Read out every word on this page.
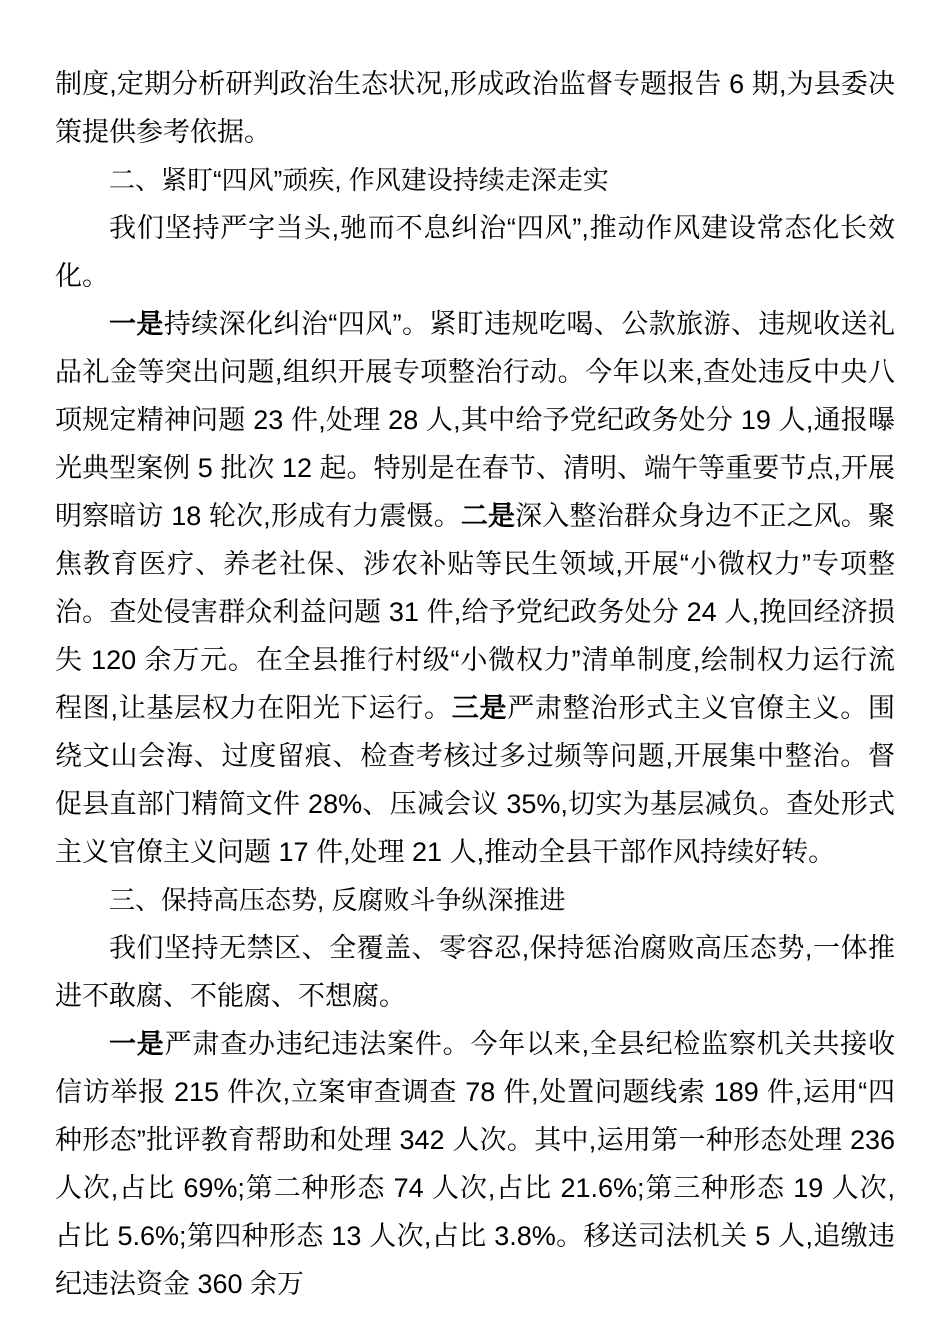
制度,定期分析研判政治生态状况,形成政治监督专题报告 6 期,为县委决策提供参考依据。

二、紧盯“四风”顽疾, 作风建设持续走深走实

我们坚持严字当头,驰而不息纠治“四风”,推动作风建设常态化长效化。

一是持续深化纠治“四风”。紧盯违规吃喝、公款旅游、违规收送礼品礼金等突出问题,组织开展专项整治行动。今年以来,查处违反中央八项规定精神问题 23 件,处理 28 人,其中给予党纪政务处分 19 人,通报曝光典型案例 5 批次 12 起。特别是在春节、清明、端午等重要节点,开展明察暗访 18 轮次,形成有力震慑。二是深入整治群众身边不正之风。聚焦教育医疗、养老社保、涉农补贴等民生领域,开展“小微权力”专项整治。查处侵害群众利益问题 31 件,给予党纪政务处分 24 人,挽回经济损失 120 余万元。在全县推行村级“小微权力”清单制度,绘制权力运行流程图,让基层权力在阳光下运行。三是严肃整治形式主义官僚主义。围绕文山会海、过度留痕、检查考核过多过频等问题,开展集中整治。督促县直部门精简文件 28%、压减会议 35%,切实为基层减负。查处形式主义官僚主义问题 17 件,处理 21 人,推动全县干部作风持续好转。

三、保持高压态势, 反腐败斗争纵深推进

我们坚持无禁区、全覆盖、零容忍,保持惩治腐败高压态势,一体推进不敢腐、不能腐、不想腐。

一是严肃查办违纪违法案件。今年以来,全县纪检监察机关共接收信访举报 215 件次,立案审查调查 78 件,处置问题线索 189 件,运用“四种形态”批评教育帮助和处理 342 人次。其中,运用第一种形态处理 236 人次,占比 69%;第二种形态 74 人次,占比 21.6%;第三种形态 19 人次,占比 5.6%;第四种形态 13 人次,占比 3.8%。移送司法机关 5 人,追缴违纪违法资金 360 余万
